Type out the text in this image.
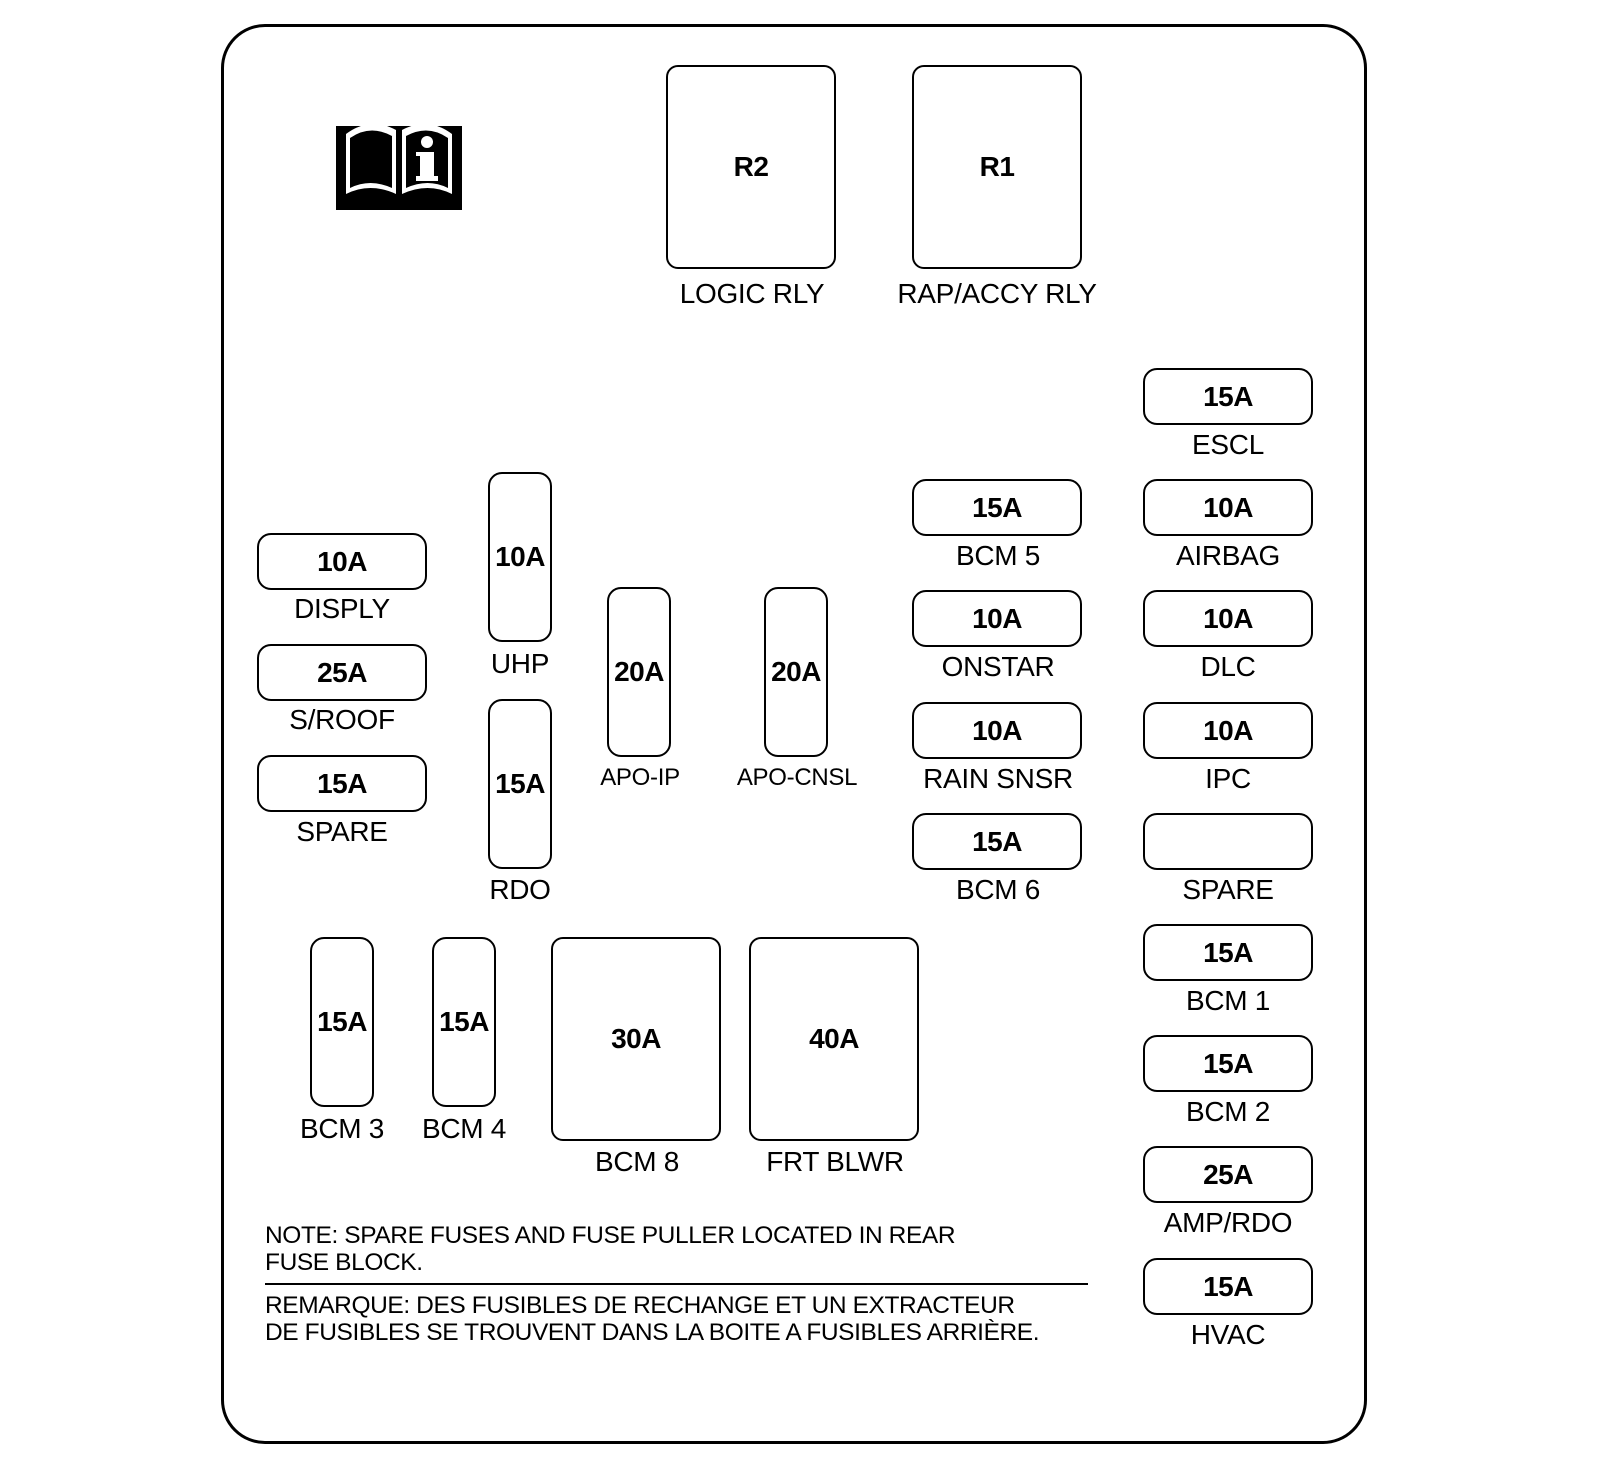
R2
LOGIC RLY
R1
RAP/ACCY RLY
10A
DISPLY
25A
S/ROOF
15A
SPARE
10A
UHP
15A
RDO
20A
APO-IP
20A
APO-CNSL
15A
BCM 3
15A
BCM 4
30A
BCM 8
40A
FRT BLWR
15A
BCM 5
10A
ONSTAR
10A
RAIN SNSR
15A
BCM 6
15A
ESCL
10A
AIRBAG
10A
DLC
10A
IPC
SPARE
15A
BCM 1
15A
BCM 2
25A
AMP/RDO
15A
HVAC
NOTE: SPARE FUSES AND FUSE PULLER LOCATED IN REAR
FUSE BLOCK.
REMARQUE: DES FUSIBLES DE RECHANGE ET UN EXTRACTEUR
DE FUSIBLES SE TROUVENT DANS LA BOITE A FUSIBLES ARRIÈRE.
